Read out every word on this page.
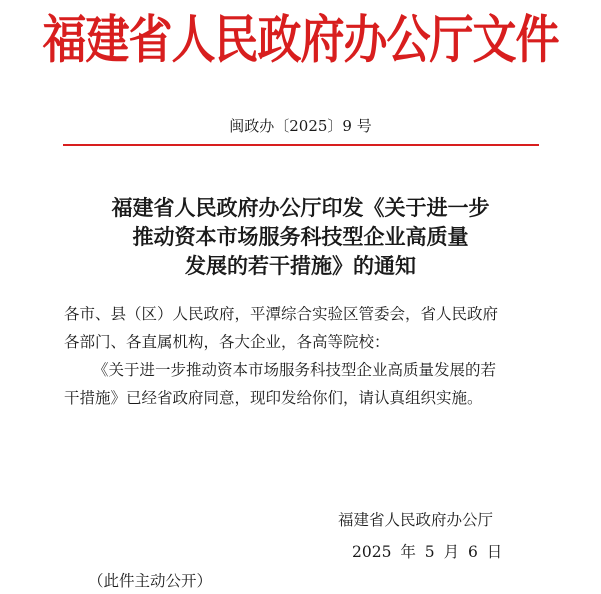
福建省人民政府办公厅文件
闽政办〔2025〕9 号
福建省人民政府办公厅印发《关于进一步
推动资本市场服务科技型企业高质量
发展的若干措施》的通知
各市、县（区）人民政府，平潭综合实验区管委会，省人民政府
各部门、各直属机构，各大企业，各高等院校：
《关于进一步推动资本市场服务科技型企业高质量发展的若
干措施》已经省政府同意，现印发给你们，请认真组织实施。
福建省人民政府办公厅
2025 年 5 月 6 日
（此件主动公开）
